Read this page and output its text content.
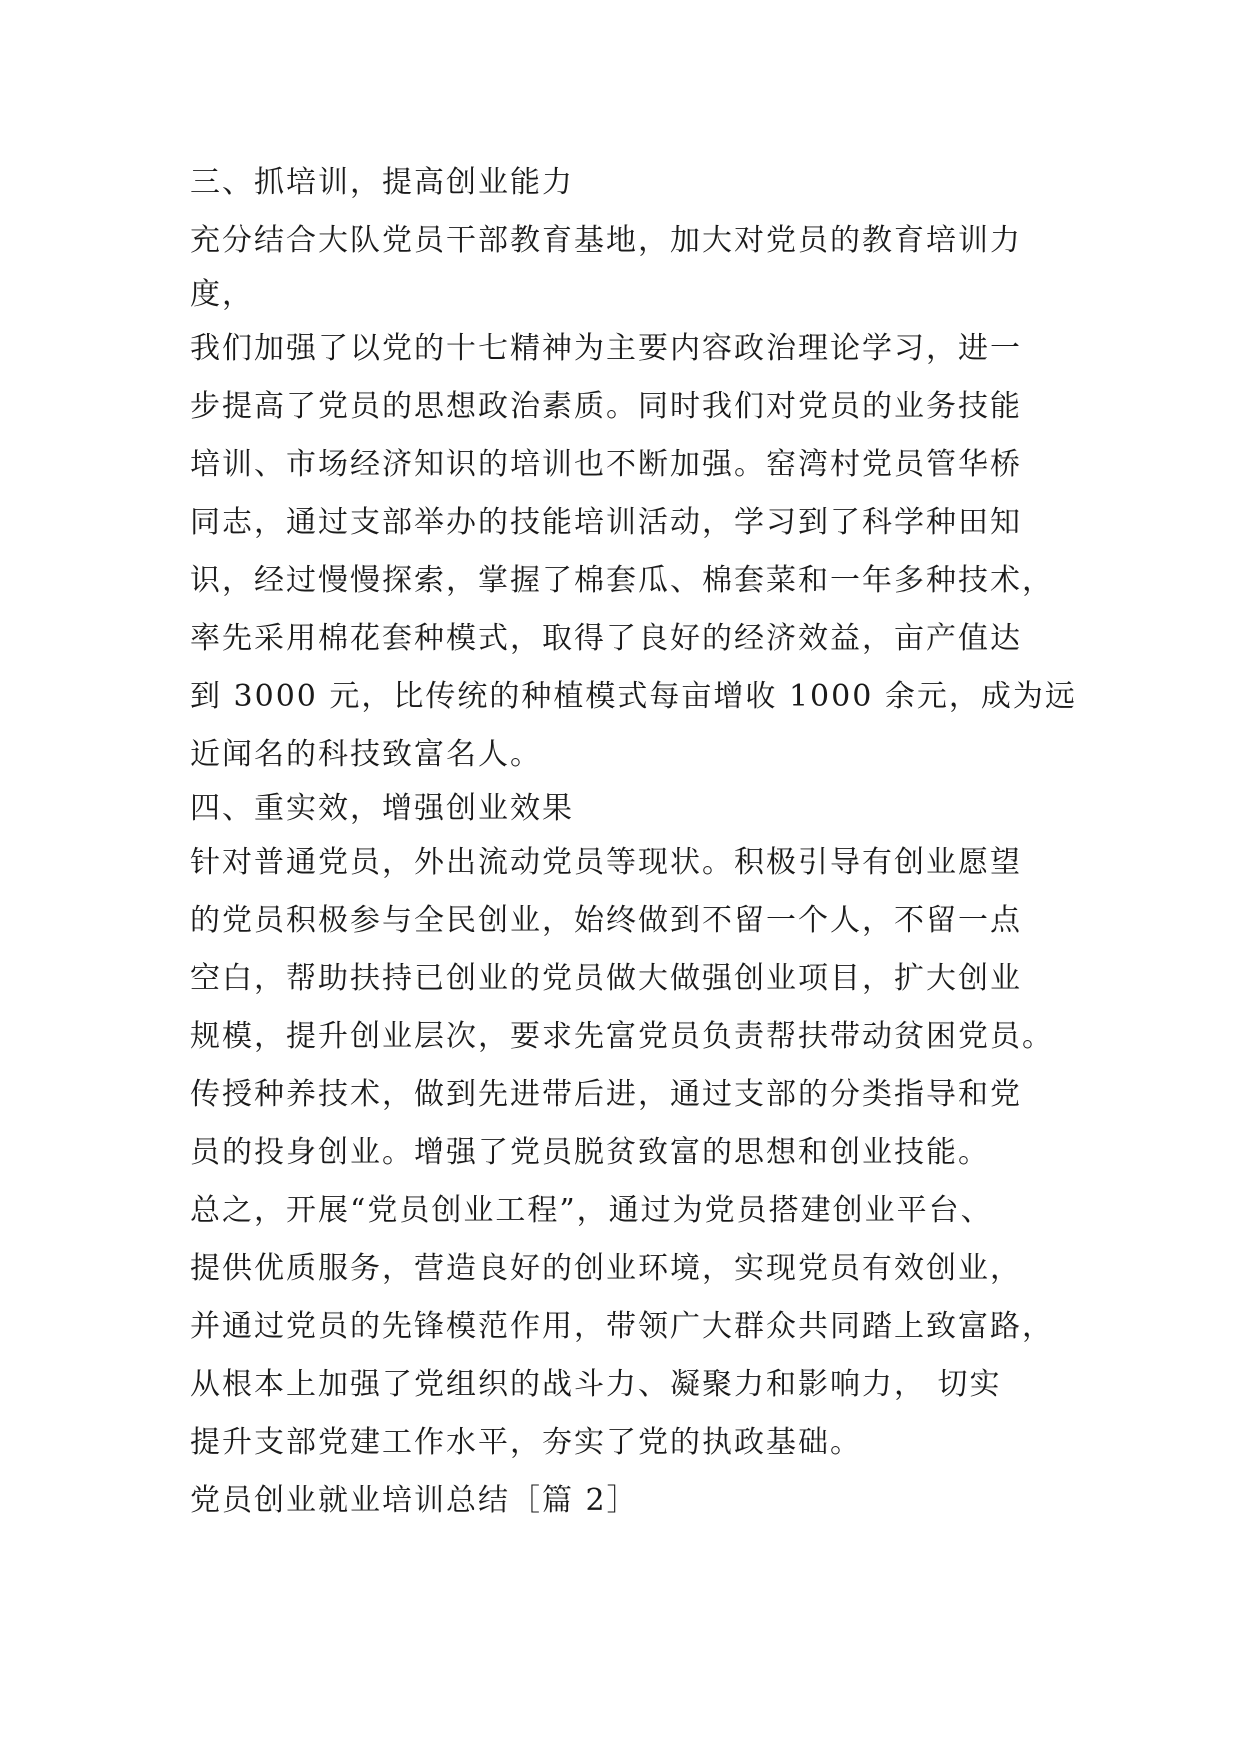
三、抓培训，提高创业能力
充分结合大队党员干部教育基地，加大对党员的教育培训力
度，
我们加强了以党的十七精神为主要内容政治理论学习，进一
步提高了党员的思想政治素质。同时我们对党员的业务技能
培训、市场经济知识的培训也不断加强。窑湾村党员管华桥
同志，通过支部举办的技能培训活动，学习到了科学种田知
识，经过慢慢探索，掌握了棉套瓜、棉套菜和一年多种技术，
率先采用棉花套种模式，取得了良好的经济效益，亩产值达
到 3000 元，比传统的种植模式每亩增收 1000 余元，成为远
近闻名的科技致富名人。
四、重实效，增强创业效果
针对普通党员，外出流动党员等现状。积极引导有创业愿望
的党员积极参与全民创业，始终做到不留一个人，不留一点
空白，帮助扶持已创业的党员做大做强创业项目，扩大创业
规模，提升创业层次，要求先富党员负责帮扶带动贫困党员。
传授种养技术，做到先进带后进，通过支部的分类指导和党
员的投身创业。增强了党员脱贫致富的思想和创业技能。
总之，开展“党员创业工程”，通过为党员搭建创业平台、
提供优质服务，营造良好的创业环境，实现党员有效创业，
并通过党员的先锋模范作用，带领广大群众共同踏上致富路，
从根本上加强了党组织的战斗力、凝聚力和影响力， 切实
提升支部党建工作水平，夯实了党的执政基础。
党员创业就业培训总结［篇 2］
